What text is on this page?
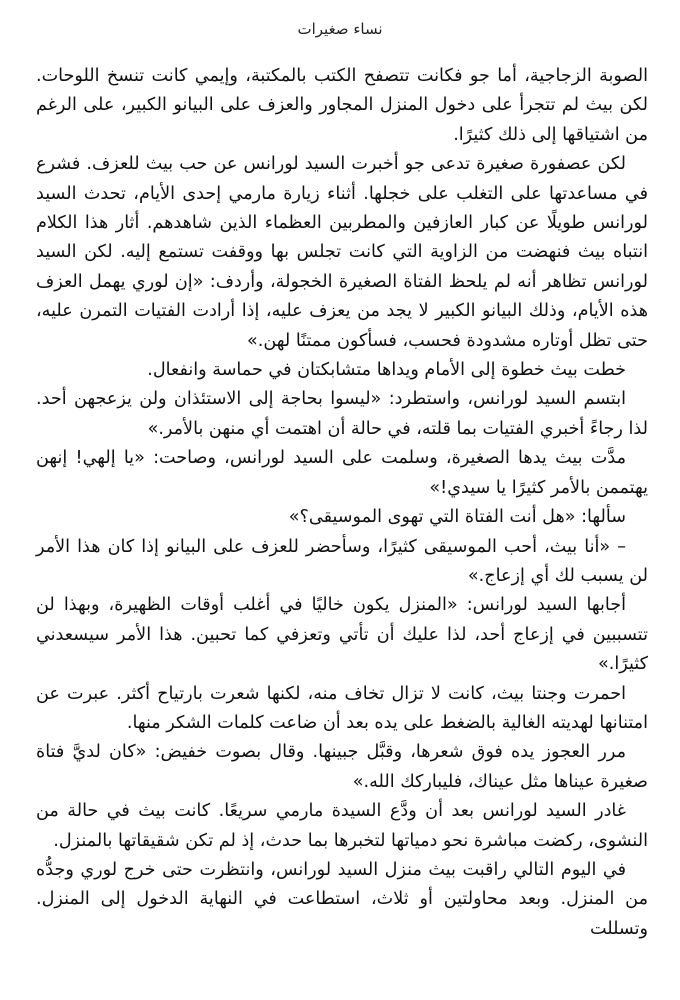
نساء صغيرات

الصوبة الزجاجية، أما جو فكانت تتصفح الكتب بالمكتبة، وإيمي كانت تنسخ اللوحات. لكن بيث لم تتجرأ على دخول المنزل المجاور والعزف على البيانو الكبير، على الرغم من اشتياقها إلى ذلك كثيرًا.

لكن عصفورة صغيرة تدعى جو أخبرت السيد لورانس عن حب بيث للعزف. فشرع في مساعدتها على التغلب على خجلها. أثناء زيارة مارمي إحدى الأيام، تحدث السيد لورانس طويلًا عن كبار العازفين والمطربين العظماء الذين شاهدهم. أثار هذا الكلام انتباه بيث فنهضت من الزاوية التي كانت تجلس بها ووقفت تستمع إليه. لكن السيد لورانس تظاهر أنه لم يلحظ الفتاة الصغيرة الخجولة، وأردف: «إن لوري يهمل العزف هذه الأيام، وذلك البيانو الكبير لا يجد من يعزف عليه، إذا أرادت الفتيات التمرن عليه، حتى تظل أوتاره مشدودة فحسب، فسأكون ممتنًا لهن.»

خطت بيث خطوة إلى الأمام ويداها متشابكتان في حماسة وانفعال.

ابتسم السيد لورانس، واستطرد: «ليسوا بحاجة إلى الاستئذان ولن يزعجهن أحد. لذا رجاءً أخبري الفتيات بما قلته، في حالة أن اهتمت أي منهن بالأمر.»

مدَّت بيث يدها الصغيرة، وسلمت على السيد لورانس، وصاحت: «يا إلهي! إنهن يهتممن بالأمر كثيرًا يا سيدي!»

سألها: «هل أنت الفتاة التي تهوى الموسيقى؟»

– «أنا بيث، أحب الموسيقى كثيرًا، وسأحضر للعزف على البيانو إذا كان هذا الأمر لن يسبب لك أي إزعاج.»

أجابها السيد لورانس: «المنزل يكون خاليًا في أغلب أوقات الظهيرة، وبهذا لن تتسببين في إزعاج أحد، لذا عليك أن تأتي وتعزفي كما تحبين. هذا الأمر سيسعدني كثيرًا.»

احمرت وجنتا بيث، كانت لا تزال تخاف منه، لكنها شعرت بارتياح أكثر. عبرت عن امتنانها لهديته الغالية بالضغط على يده بعد أن ضاعت كلمات الشكر منها.

مرر العجوز يده فوق شعرها، وقبَّل جبينها. وقال بصوت خفيض: «كان لديَّ فتاة صغيرة عيناها مثل عيناك، فليباركك الله.»

غادر السيد لورانس بعد أن ودَّع السيدة مارمي سريعًا. كانت بيث في حالة من النشوى، ركضت مباشرة نحو دمياتها لتخبرها بما حدث، إذ لم تكن شقيقاتها بالمنزل.

في اليوم التالي راقبت بيث منزل السيد لورانس، وانتظرت حتى خرج لوري وجدُّه من المنزل. وبعد محاولتين أو ثلاث، استطاعت في النهاية الدخول إلى المنزل. وتسللت
